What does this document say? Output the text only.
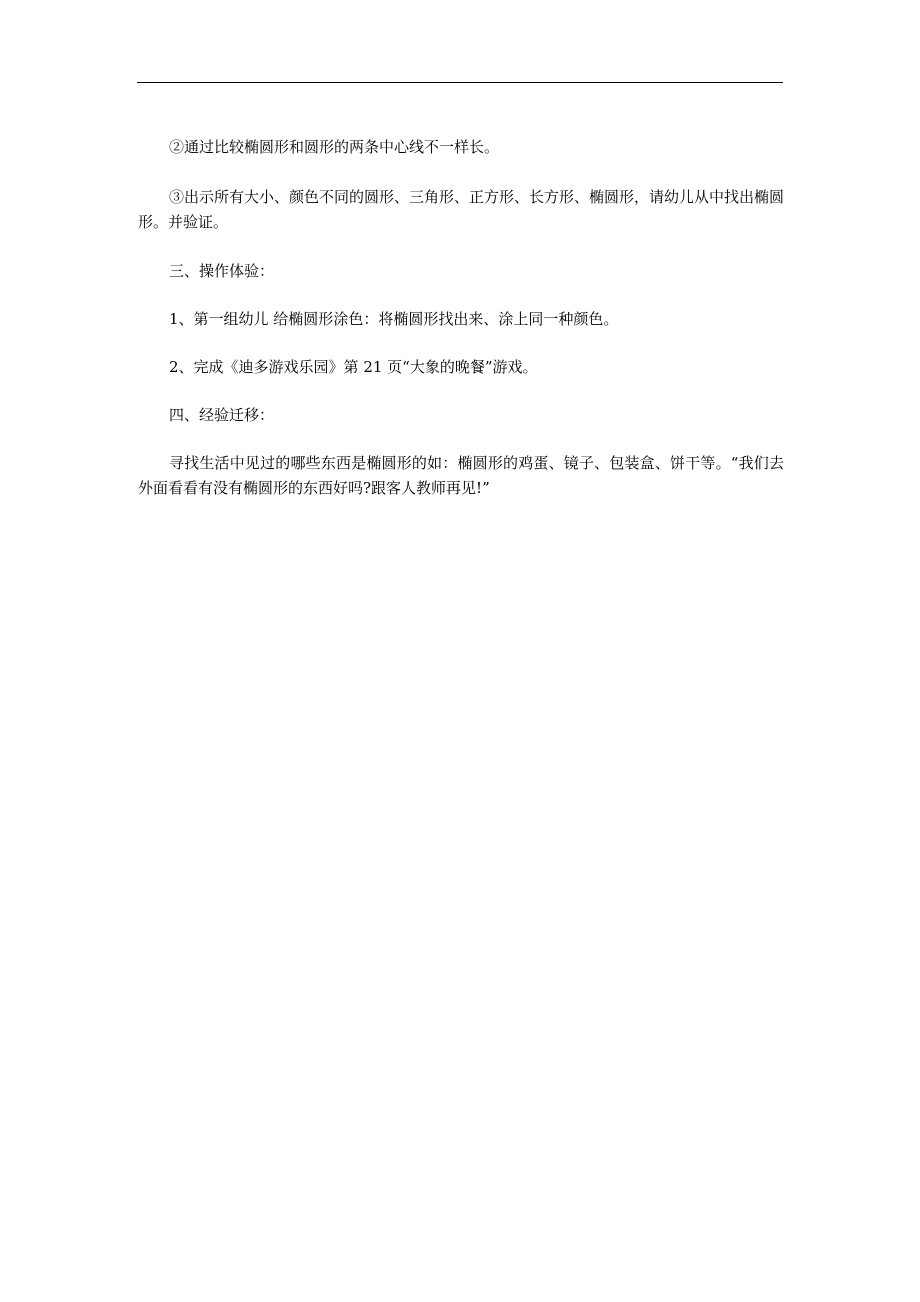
②通过比较椭圆形和圆形的两条中心线不一样长。

③出示所有大小、颜色不同的圆形、三角形、正方形、长方形、椭圆形，请幼儿从中找出椭圆形。并验证。

三、操作体验：

1、第一组幼儿 给椭圆形涂色：将椭圆形找出来、涂上同一种颜色。

2、完成《迪多游戏乐园》第 21 页“大象的晚餐”游戏。

四、经验迁移：

寻找生活中见过的哪些东西是椭圆形的如：椭圆形的鸡蛋、镜子、包装盒、饼干等。“我们去外面看看有没有椭圆形的东西好吗?跟客人教师再见!”
